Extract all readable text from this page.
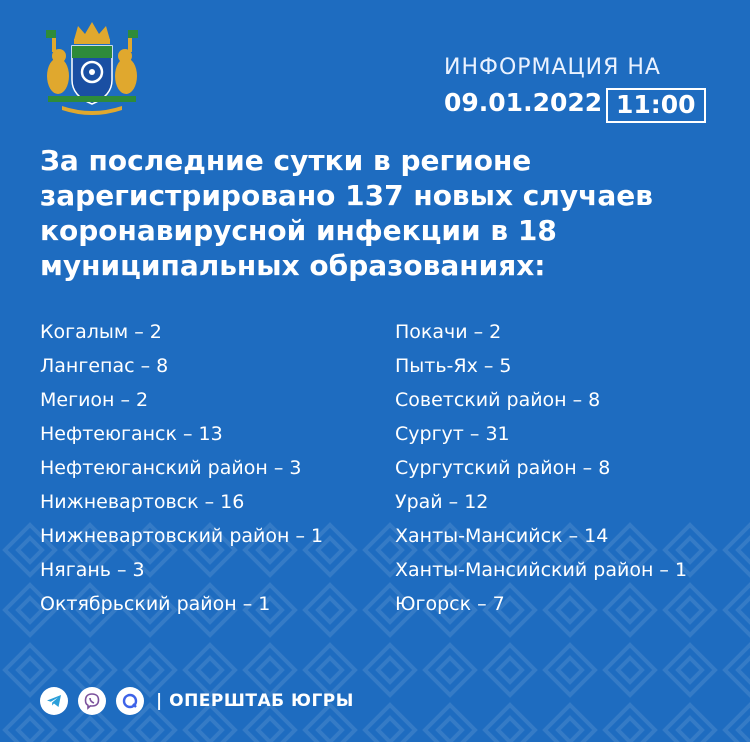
ИНФОРМАЦИЯ НА
09.01.2022 11:00
За последние сутки в регионе зарегистрировано 137 новых случаев коронавирусной инфекции в 18 муниципальных образованиях:
Когалым – 2
Лангепас – 8
Мегион – 2
Нефтеюганск – 13
Нефтеюганский район – 3
Нижневартовск – 16
Нижневартовский район – 1
Нягань – 3
Октябрьский район – 1
Покачи – 2
Пыть-Ях – 5
Советский район – 8
Сургут – 31
Сургутский район – 8
Урай – 12
Ханты-Мансийск – 14
Ханты-Мансийский район – 1
Югорск – 7
| ОПЕРШТАБ ЮГРЫ
